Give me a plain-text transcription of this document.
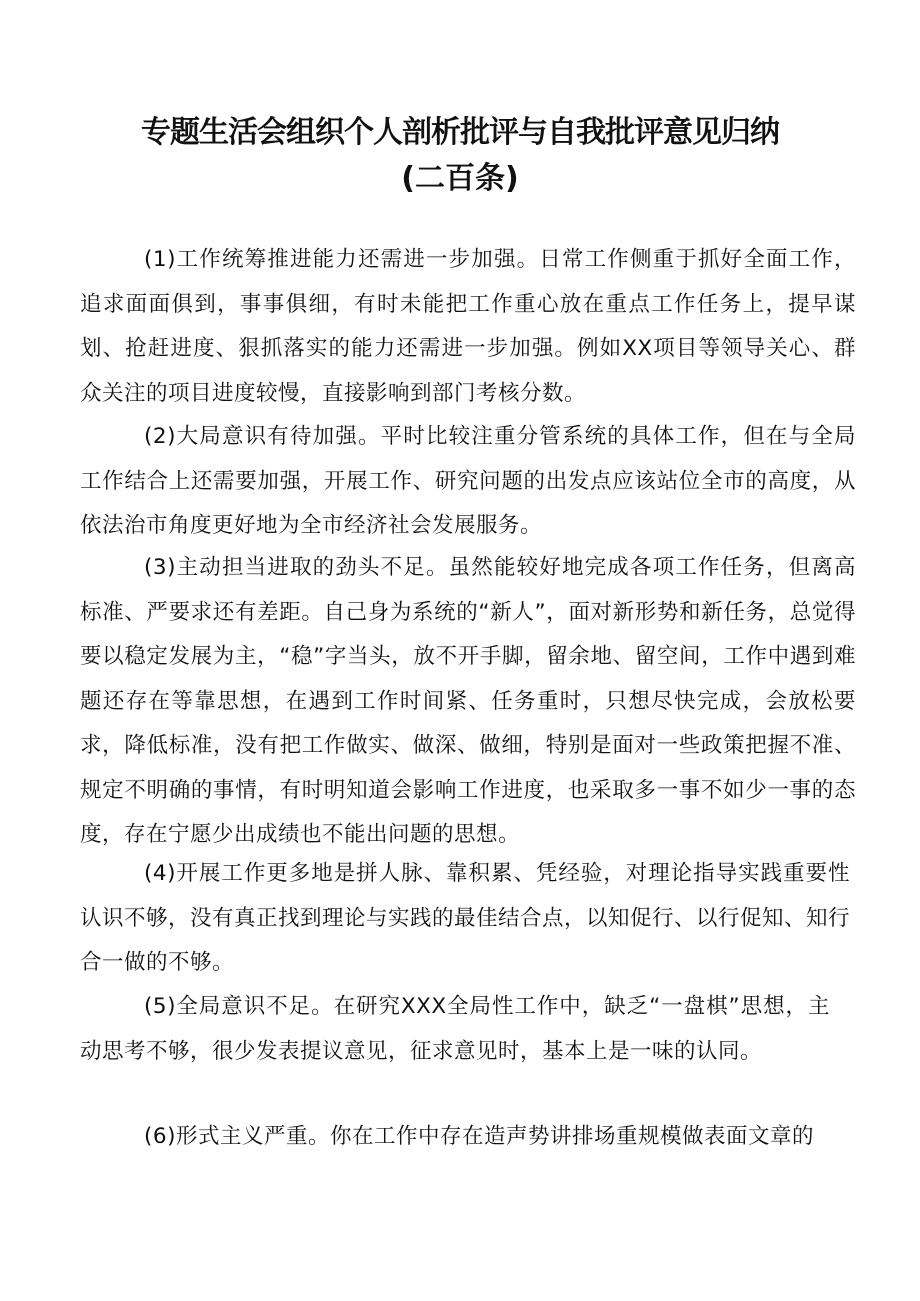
专题生活会组织个人剖析批评与自我批评意见归纳
(二百条)

(1)工作统筹推进能力还需进一步加强。日常工作侧重于抓好全面工作，追求面面俱到，事事俱细，有时未能把工作重心放在重点工作任务上，提早谋划、抢赶进度、狠抓落实的能力还需进一步加强。例如XX项目等领导关心、群众关注的项目进度较慢，直接影响到部门考核分数。

(2)大局意识有待加强。平时比较注重分管系统的具体工作，但在与全局工作结合上还需要加强，开展工作、研究问题的出发点应该站位全市的高度，从依法治市角度更好地为全市经济社会发展服务。

(3)主动担当进取的劲头不足。虽然能较好地完成各项工作任务，但离高标准、严要求还有差距。自己身为系统的“新人”，面对新形势和新任务，总觉得要以稳定发展为主，“稳”字当头，放不开手脚，留余地、留空间，工作中遇到难题还存在等靠思想，在遇到工作时间紧、任务重时，只想尽快完成，会放松要求，降低标准，没有把工作做实、做深、做细，特别是面对一些政策把握不准、规定不明确的事情，有时明知道会影响工作进度，也采取多一事不如少一事的态度，存在宁愿少出成绩也不能出问题的思想。

(4)开展工作更多地是拼人脉、靠积累、凭经验，对理论指导实践重要性认识不够，没有真正找到理论与实践的最佳结合点，以知促行、以行促知、知行合一做的不够。

(5)全局意识不足。在研究XXX全局性工作中，缺乏“一盘棋”思想，主动思考不够，很少发表提议意见，征求意见时，基本上是一味的认同。

(6)形式主义严重。你在工作中存在造声势讲排场重规模做表面文章的
